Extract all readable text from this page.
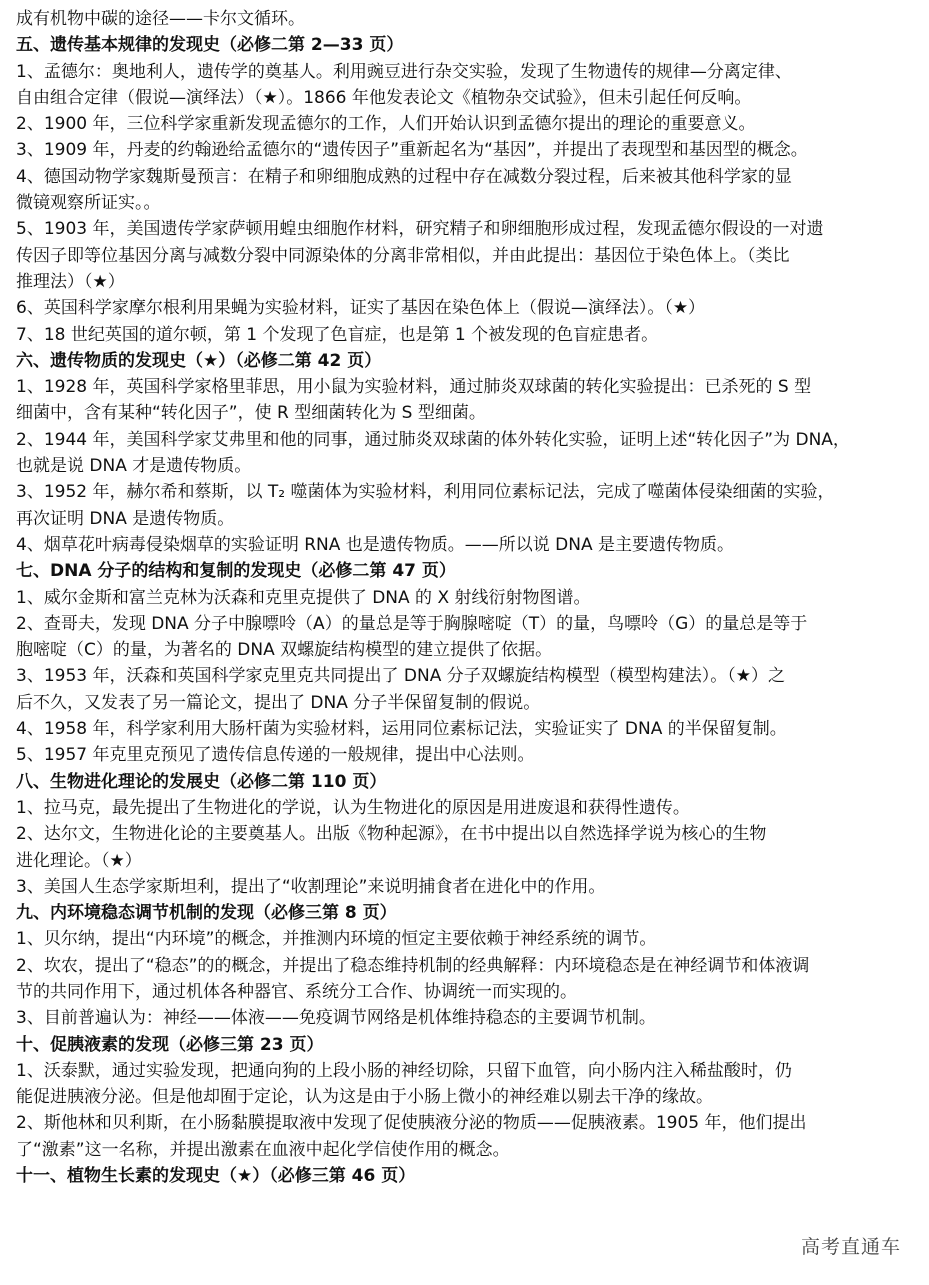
成有机物中碳的途径——卡尔文循环。
五、遗传基本规律的发现史（必修二第 2—33 页）
1、孟德尔：奥地利人，遗传学的奠基人。利用豌豆进行杂交实验，发现了生物遗传的规律—分离定律、
自由组合定律（假说—演绎法）（★）。1866 年他发表论文《植物杂交试验》，但未引起任何反响。
2、1900 年，三位科学家重新发现孟德尔的工作，人们开始认识到孟德尔提出的理论的重要意义。
3、1909 年，丹麦的约翰逊给孟德尔的“遗传因子”重新起名为“基因”，并提出了表现型和基因型的概念。
4、德国动物学家魏斯曼预言：在精子和卵细胞成熟的过程中存在减数分裂过程，后来被其他科学家的显
微镜观察所证实。。
5、1903 年，美国遗传学家萨顿用蝗虫细胞作材料，研究精子和卵细胞形成过程，发现孟德尔假设的一对遗
传因子即等位基因分离与减数分裂中同源染体的分离非常相似，并由此提出：基因位于染色体上。（类比
推理法）（★）
6、英国科学家摩尔根利用果蝇为实验材料，证实了基因在染色体上（假说—演绎法）。（★）
7、18 世纪英国的道尔顿，第 1 个发现了色盲症，也是第 1 个被发现的色盲症患者。
六、遗传物质的发现史（★）（必修二第 42 页）
1、1928 年，英国科学家格里菲思，用小鼠为实验材料，通过肺炎双球菌的转化实验提出：已杀死的 S 型
细菌中，含有某种“转化因子”，使 R 型细菌转化为 S 型细菌。
2、1944 年，美国科学家艾弗里和他的同事，通过肺炎双球菌的体外转化实验，证明上述“转化因子”为 DNA，
也就是说 DNA 才是遗传物质。
3、1952 年，赫尔希和蔡斯，以 T₂ 噬菌体为实验材料，利用同位素标记法，完成了噬菌体侵染细菌的实验，
再次证明 DNA 是遗传物质。
4、烟草花叶病毒侵染烟草的实验证明 RNA 也是遗传物质。——所以说 DNA 是主要遗传物质。
七、DNA 分子的结构和复制的发现史（必修二第 47 页）
1、威尔金斯和富兰克林为沃森和克里克提供了 DNA 的 X 射线衍射物图谱。
2、查哥夫，发现 DNA 分子中腺嘌呤（A）的量总是等于胸腺嘧啶（T）的量，鸟嘌呤（G）的量总是等于
胞嘧啶（C）的量，为著名的 DNA 双螺旋结构模型的建立提供了依据。
3、1953 年，沃森和英国科学家克里克共同提出了 DNA 分子双螺旋结构模型（模型构建法）。（★）之
后不久，又发表了另一篇论文，提出了 DNA 分子半保留复制的假说。
4、1958 年，科学家利用大肠杆菌为实验材料，运用同位素标记法，实验证实了 DNA 的半保留复制。
5、1957 年克里克预见了遗传信息传递的一般规律，提出中心法则。
八、生物进化理论的发展史（必修二第 110 页）
1、拉马克，最先提出了生物进化的学说，认为生物进化的原因是用进废退和获得性遗传。
2、达尔文，生物进化论的主要奠基人。出版《物种起源》，在书中提出以自然选择学说为核心的生物
进化理论。（★）
3、美国人生态学家斯坦利，提出了“收割理论”来说明捕食者在进化中的作用。
九、内环境稳态调节机制的发现（必修三第 8 页）
1、贝尔纳，提出“内环境”的概念，并推测内环境的恒定主要依赖于神经系统的调节。
2、坎农，提出了“稳态”的的概念，并提出了稳态维持机制的经典解释：内环境稳态是在神经调节和体液调
节的共同作用下，通过机体各种器官、系统分工合作、协调统一而实现的。
3、目前普遍认为：神经——体液——免疫调节网络是机体维持稳态的主要调节机制。
十、促胰液素的发现（必修三第 23 页）
1、沃泰默，通过实验发现，把通向狗的上段小肠的神经切除，只留下血管，向小肠内注入稀盐酸时，仍
能促进胰液分泌。但是他却囿于定论，认为这是由于小肠上微小的神经难以剔去干净的缘故。
2、斯他林和贝利斯，在小肠黏膜提取液中发现了促使胰液分泌的物质——促胰液素。1905 年，他们提出
了“激素”这一名称，并提出激素在血液中起化学信使作用的概念。
十一、植物生长素的发现史（★）（必修三第 46 页）
高考直通车
